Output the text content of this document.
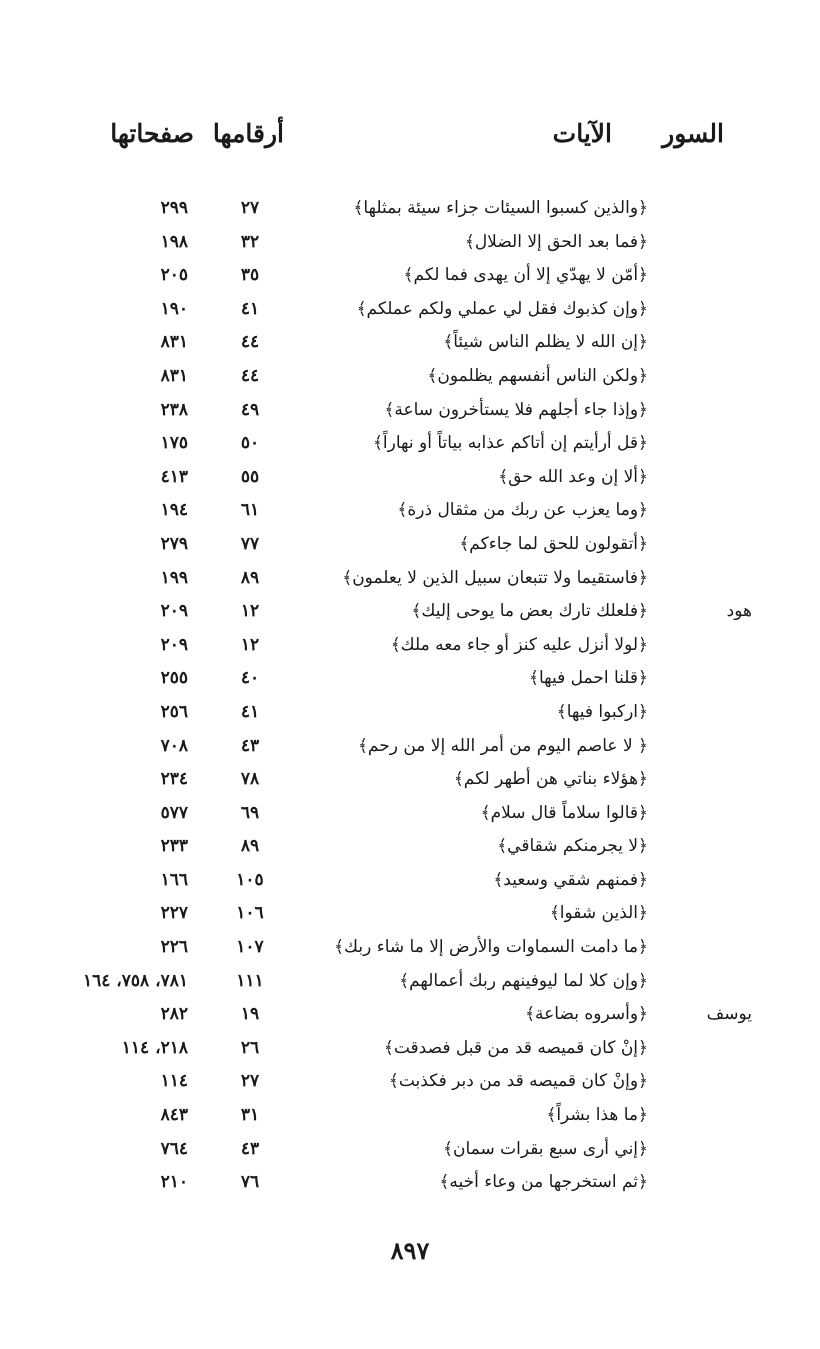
السور
الآيات
أرقامها
صفحاتها
﴿والذين كسبوا السيئات جزاء سيئة بمثلها﴾
٢٧
٢٩٩
﴿فما بعد الحق إلا الضلال﴾
٣٢
١٩٨
﴿أمّن لا يهدّي إلا أن يهدى فما لكم﴾
٣٥
٢٠٥
﴿وإن كذبوك فقل لي عملي ولكم عملكم﴾
٤١
١٩٠
﴿إن الله لا يظلم الناس شيئاً﴾
٤٤
٨٣١
﴿ولكن الناس أنفسهم يظلمون﴾
٤٤
٨٣١
﴿وإذا جاء أجلهم فلا يستأخرون ساعة﴾
٤٩
٢٣٨
﴿قل أرأيتم إن أتاكم عذابه بياتاً أو نهاراً﴾
٥٠
١٧٥
﴿ألا إن وعد الله حق﴾
٥٥
٤١٣
﴿وما يعزب عن ربك من مثقال ذرة﴾
٦١
١٩٤
﴿أتقولون للحق لما جاءكم﴾
٧٧
٢٧٩
﴿فاستقيما ولا تتبعان سبيل الذين لا يعلمون﴾
٨٩
١٩٩
هود
﴿فلعلك تارك بعض ما يوحى إليك﴾
١٢
٢٠٩
﴿لولا أنزل عليه كنز أو جاء معه ملك﴾
١٢
٢٠٩
﴿قلنا احمل فيها﴾
٤٠
٢٥٥
﴿اركبوا فيها﴾
٤١
٢٥٦
﴿ لا عاصم اليوم من أمر الله إلا من رحم﴾
٤٣
٧٠٨
﴿هؤلاء بناتي هن أطهر لكم﴾
٧٨
٢٣٤
﴿قالوا سلاماً قال سلام﴾
٦٩
٥٧٧
﴿لا يجرمنكم شقاقي﴾
٨٩
٢٣٣
﴿فمنهم شقي وسعيد﴾
١٠٥
١٦٦
﴿الذين شقوا﴾
١٠٦
٢٢٧
﴿ما دامت السماوات والأرض إلا ما شاء ربك﴾
١٠٧
٢٢٦
﴿وإن كلا لما ليوفينهم ربك أعمالهم﴾
١١١
٧٨١، ٧٥٨، ١٦٤
يوسف
﴿وأسروه بضاعة﴾
١٩
٢٨٢
﴿إنْ كان قميصه قد من قبل فصدقت﴾
٢٦
٢١٨، ١١٤
﴿وإنْ كان قميصه قد من دبر فكذبت﴾
٢٧
١١٤
﴿ما هذا بشراً﴾
٣١
٨٤٣
﴿إني أرى سبع بقرات سمان﴾
٤٣
٧٦٤
﴿ثم استخرجها من وعاء أخيه﴾
٧٦
٢١٠
٨٩٧
